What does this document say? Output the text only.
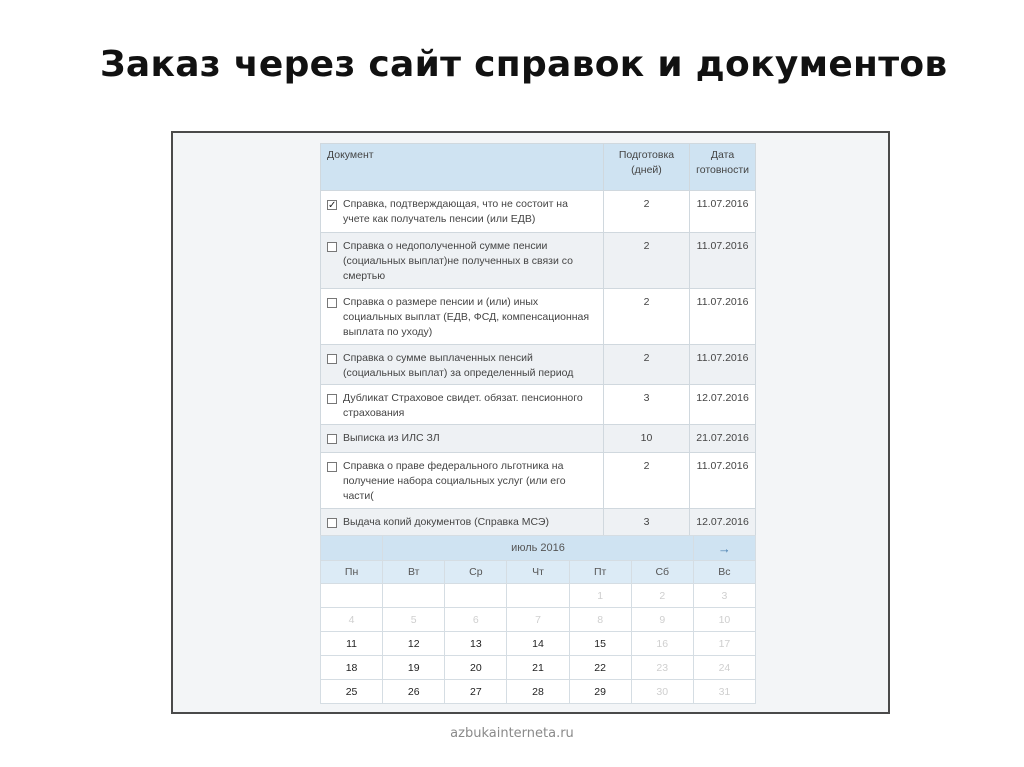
Заказ через сайт справок и документов
Документ	Подготовка (дней)	Дата готовности

✓
Справка, подтверждающая, что не состоит на учете как получатель пенсии (или ЕДВ)	2	11.07.2016

Справка о недополученной сумме пенсии (социальных выплат)не полученных в связи со смертью	2	11.07.2016

Справка о размере пенсии и (или) иных социальных выплат (ЕДВ, ФСД, компенсационная выплата по уходу)	2	11.07.2016

Справка о сумме выплаченных пенсий (социальных выплат) за определенный период	2	11.07.2016

Дубликат Страховое свидет. обязат. пенсионного страхования	3	12.07.2016

Выписка из ИЛС ЗЛ	10	21.07.2016

Справка о праве федерального льготника на получение набора социальных услуг (или его части(	2	11.07.2016

Выдача копий документов (Справка МСЭ)	3	12.07.2016
	июль 2016					→
Пн	Вт	Ср	Чт	Пт	Сб	Вс
				1	2	3
4	5	6	7	8	9	10
11	12	13	14	15	16	17
18	19	20	21	22	23	24
25	26	27	28	29	30	31
azbukainterneta.ru
